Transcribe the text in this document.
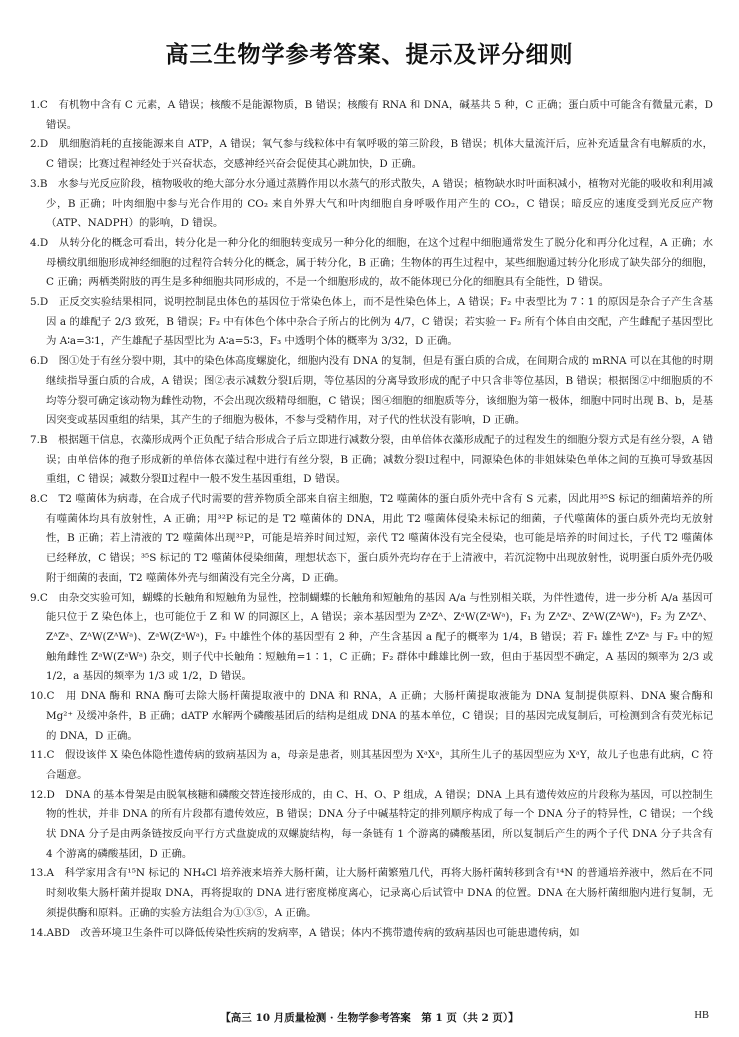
高三生物学参考答案、提示及评分细则

1.C　有机物中含有 C 元素，A 错误；核酸不是能源物质，B 错误；核酸有 RNA 和 DNA，碱基共 5 种，C 正确；蛋白质中可能含有微量元素，D 错误。

2.D　肌细胞消耗的直接能源来自 ATP，A 错误；氧气参与线粒体中有氧呼吸的第三阶段，B 错误；机体大量流汗后，应补充适量含有电解质的水，C 错误；比赛过程神经处于兴奋状态，交感神经兴奋会促使其心跳加快，D 正确。

3.B　水参与光反应阶段，植物吸收的绝大部分水分通过蒸腾作用以水蒸气的形式散失，A 错误；植物缺水时叶面积减小，植物对光能的吸收和利用减少，B 正确；叶肉细胞中参与光合作用的 CO₂ 来自外界大气和叶肉细胞自身呼吸作用产生的 CO₂，C 错误；暗反应的速度受到光反应产物（ATP、NADPH）的影响，D 错误。

4.D　从转分化的概念可看出，转分化是一种分化的细胞转变成另一种分化的细胞，在这个过程中细胞通常发生了脱分化和再分化过程，A 正确；水母横纹肌细胞形成神经细胞的过程符合转分化的概念，属于转分化，B 正确；生物体的再生过程中，某些细胞通过转分化形成了缺失部分的细胞，C 正确；两栖类附肢的再生是多种细胞共同形成的，不是一个细胞形成的，故不能体现已分化的细胞具有全能性，D 错误。

5.D　正反交实验结果相同，说明控制昆虫体色的基因位于常染色体上，而不是性染色体上，A 错误；F₂ 中表型比为 7∶1 的原因是杂合子产生含基因 a 的雄配子 2/3 致死，B 错误；F₂ 中有体色个体中杂合子所占的比例为 4/7，C 错误；若实验一 F₂ 所有个体自由交配，产生雌配子基因型比为 A∶a=3∶1，产生雄配子基因型比为 A∶a=5∶3，F₃ 中透明个体的概率为 3/32，D 正确。

6.D　图①处于有丝分裂中期，其中的染色体高度螺旋化，细胞内没有 DNA 的复制，但是有蛋白质的合成，在间期合成的 mRNA 可以在其他的时期继续指导蛋白质的合成，A 错误；图②表示减数分裂Ⅰ后期，等位基因的分离导致形成的配子中只含非等位基因，B 错误；根据图②中细胞质的不均等分裂可确定该动物为雌性动物，不会出现次级精母细胞，C 错误；图④细胞的细胞质等分，该细胞为第一极体，细胞中同时出现 B、b，是基因突变或基因重组的结果，其产生的子细胞为极体，不参与受精作用，对子代的性状没有影响，D 正确。

7.B　根据题干信息，衣藻形成两个正负配子结合形成合子后立即进行减数分裂，由单倍体衣藻形成配子的过程发生的细胞分裂方式是有丝分裂，A 错误；由单倍体的孢子形成新的单倍体衣藻过程中进行有丝分裂，B 正确；减数分裂Ⅰ过程中，同源染色体的非姐妹染色单体之间的互换可导致基因重组，C 错误；减数分裂Ⅱ过程中一般不发生基因重组，D 错误。

8.C　T2 噬菌体为病毒，在合成子代时需要的营养物质全部来自宿主细胞，T2 噬菌体的蛋白质外壳中含有 S 元素，因此用³⁵S 标记的细菌培养的所有噬菌体均具有放射性，A 正确；用³²P 标记的是 T2 噬菌体的 DNA，用此 T2 噬菌体侵染未标记的细菌，子代噬菌体的蛋白质外壳均无放射性，B 正确；若上清液的 T2 噬菌体出现³²P，可能是培养时间过短，亲代 T2 噬菌体没有完全侵染，也可能是培养的时间过长，子代 T2 噬菌体已经释放，C 错误；³⁵S 标记的 T2 噬菌体侵染细菌，理想状态下，蛋白质外壳均存在于上清液中，若沉淀物中出现放射性，说明蛋白质外壳仍吸附于细菌的表面，T2 噬菌体外壳与细菌没有完全分离，D 正确。

9.C　由杂交实验可知，蝴蝶的长触角和短触角为显性，控制蝴蝶的长触角和短触角的基因 A/a 与性别相关联，为伴性遗传，进一步分析 A/a 基因可能只位于 Z 染色体上，也可能位于 Z 和 W 的同源区上，A 错误；亲本基因型为 ZᴬZᴬ、ZᵃW(ZᵃWᵃ)，F₁ 为 ZᴬZᵃ、ZᴬW(ZᴬWᵃ)，F₂ 为 ZᴬZᴬ、ZᴬZᵃ、ZᴬW(ZᴬWᵃ)、ZᵃW(ZᵃWᵃ)，F₂ 中雄性个体的基因型有 2 种，产生含基因 a 配子的概率为 1/4，B 错误；若 F₁ 雄性 ZᴬZᵃ 与 F₂ 中的短触角雌性 ZᵃW(ZᵃWᵃ) 杂交，则子代中长触角∶短触角=1∶1，C 正确；F₂ 群体中雌雄比例一致，但由于基因型不确定，A 基因的频率为 2/3 或 1/2，a 基因的频率为 1/3 或 1/2，D 错误。

10.C　用 DNA 酶和 RNA 酶可去除大肠杆菌提取液中的 DNA 和 RNA，A 正确；大肠杆菌提取液能为 DNA 复制提供原料、DNA 聚合酶和 Mg²⁺ 及缓冲条件，B 正确；dATP 水解两个磷酸基团后的结构是组成 DNA 的基本单位，C 错误；目的基因完成复制后，可检测到含有荧光标记的 DNA，D 正确。

11.C　假设该伴 X 染色体隐性遗传病的致病基因为 a，母亲是患者，则其基因型为 XᵃXᵃ，其所生儿子的基因型应为 XᵃY，故儿子也患有此病，C 符合题意。

12.D　DNA 的基本骨架是由脱氧核糖和磷酸交替连接形成的，由 C、H、O、P 组成，A 错误；DNA 上具有遗传效应的片段称为基因，可以控制生物的性状，并非 DNA 的所有片段都有遗传效应，B 错误；DNA 分子中碱基特定的排列顺序构成了每一个 DNA 分子的特异性，C 错误；一个线状 DNA 分子是由两条链按反向平行方式盘旋成的双螺旋结构，每一条链有 1 个游离的磷酸基团，所以复制后产生的两个子代 DNA 分子共含有 4 个游离的磷酸基团，D 正确。

13.A　科学家用含有¹⁵N 标记的 NH₄Cl 培养液来培养大肠杆菌，让大肠杆菌繁殖几代，再将大肠杆菌转移到含有¹⁴N 的普通培养液中，然后在不同时刻收集大肠杆菌并提取 DNA，再将提取的 DNA 进行密度梯度离心，记录离心后试管中 DNA 的位置。DNA 在大肠杆菌细胞内进行复制，无须提供酶和原料。正确的实验方法组合为①③⑤，A 正确。

14.ABD　改善环境卫生条件可以降低传染性疾病的发病率，A 错误；体内不携带遗传病的致病基因也可能患遗传病，如

【高三 10 月质量检测 · 生物学参考答案　第 1 页（共 2 页）】	HB
